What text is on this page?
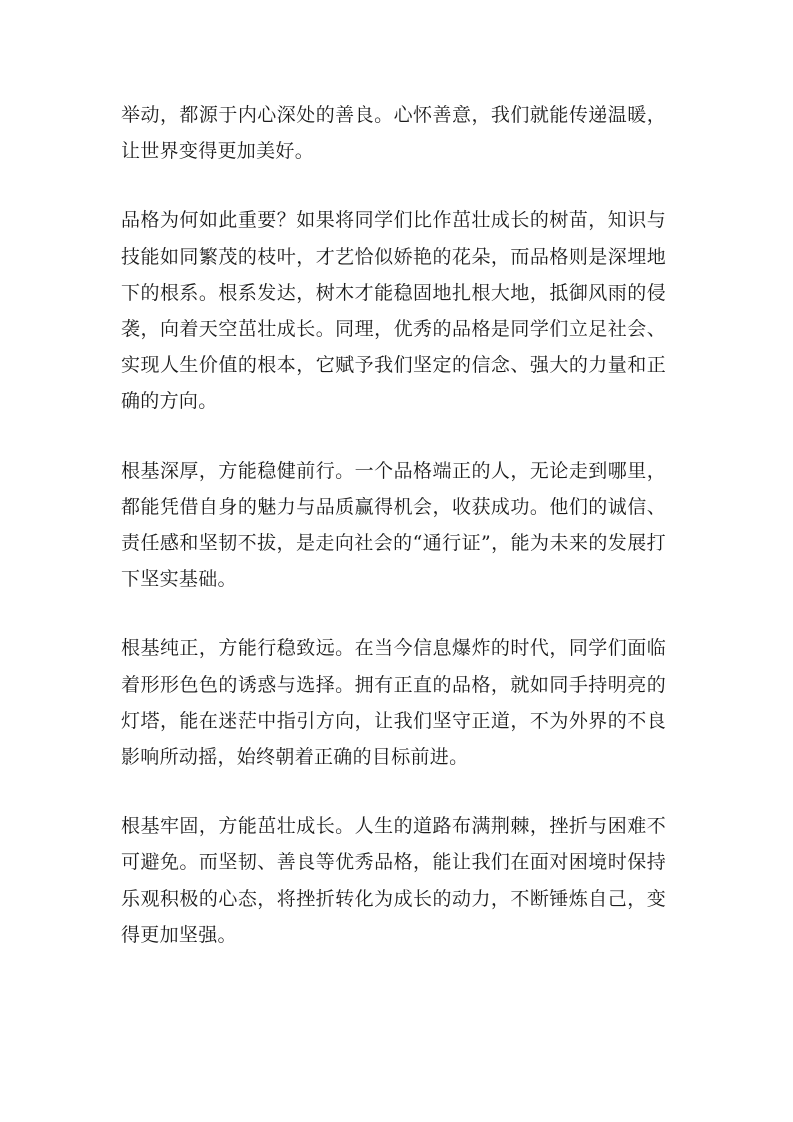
举动，都源于内心深处的善良。心怀善意，我们就能传递温暖，让世界变得更加美好。

品格为何如此重要？如果将同学们比作茁壮成长的树苗，知识与技能如同繁茂的枝叶，才艺恰似娇艳的花朵，而品格则是深埋地下的根系。根系发达，树木才能稳固地扎根大地，抵御风雨的侵袭，向着天空茁壮成长。同理，优秀的品格是同学们立足社会、实现人生价值的根本，它赋予我们坚定的信念、强大的力量和正确的方向。

根基深厚，方能稳健前行。一个品格端正的人，无论走到哪里，都能凭借自身的魅力与品质赢得机会，收获成功。他们的诚信、责任感和坚韧不拔，是走向社会的“通行证”，能为未来的发展打下坚实基础。

根基纯正，方能行稳致远。在当今信息爆炸的时代，同学们面临着形形色色的诱惑与选择。拥有正直的品格，就如同手持明亮的灯塔，能在迷茫中指引方向，让我们坚守正道，不为外界的不良影响所动摇，始终朝着正确的目标前进。

根基牢固，方能茁壮成长。人生的道路布满荆棘，挫折与困难不可避免。而坚韧、善良等优秀品格，能让我们在面对困境时保持乐观积极的心态，将挫折转化为成长的动力，不断锤炼自己，变得更加坚强。
